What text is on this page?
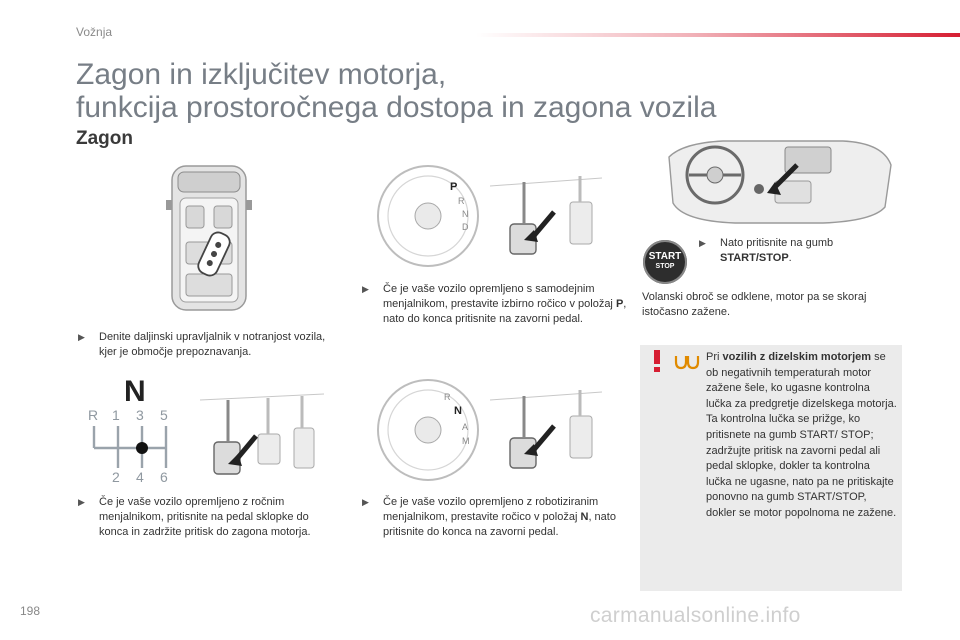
Vožnja
Zagon in izključitev motorja,
funkcija prostoročnega dostopa in zagona vozila
Zagon
▶	Denite daljinski upravljalnik v notranjost vozila, kjer je območje prepoznavanja.
P
R
N
D
▶	Če je vaše vozilo opremljeno s samodejnim menjalnikom, prestavite izbirno ročico v položaj P, nato do konca pritisnite na zavorni pedal.
START
STOP
▶	Nato pritisnite na gumb START/STOP.
Volanski obroč se odklene, motor pa se skoraj istočasno zažene.
Pri vozilih z dizelskim motorjem se ob negativnih temperaturah motor zažene šele, ko ugasne kontrolna lučka za predgretje dizelskega motorja.
Ta kontrolna lučka se prižge, ko pritisnete na gumb START/ STOP; zadržujte pritisk na zavorni pedal ali pedal sklopke, dokler ta kontrolna lučka ne ugasne, nato pa ne pritiskajte ponovno na gumb START/STOP, dokler se motor popolnoma ne zažene.
N
R 1 3 5
2 4 6
▶	Če je vaše vozilo opremljeno z ročnim menjalnikom, pritisnite na pedal sklopke do konca in zadržite pritisk do zagona motorja.
R
N
A
M
▶	Če je vaše vozilo opremljeno z robotiziranim menjalnikom, prestavite ročico v položaj N, nato pritisnite do konca na zavorni pedal.
198	carmanualsonline.info
